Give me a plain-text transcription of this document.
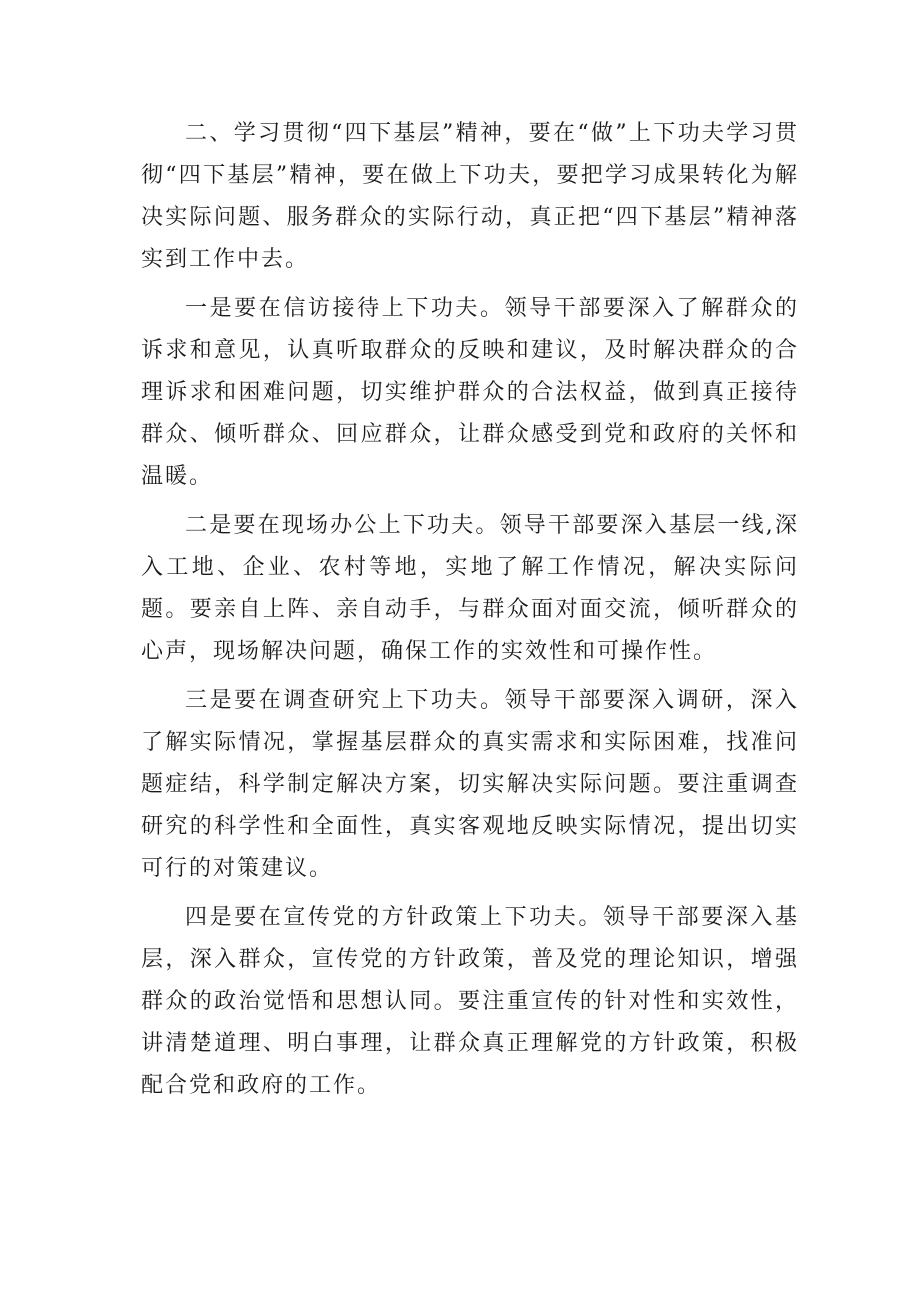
二、学习贯彻“四下基层”精神，要在“做”上下功夫学习贯彻“四下基层”精神，要在做上下功夫，要把学习成果转化为解决实际问题、服务群众的实际行动，真正把“四下基层”精神落实到工作中去。

一是要在信访接待上下功夫。领导干部要深入了解群众的诉求和意见，认真听取群众的反映和建议，及时解决群众的合理诉求和困难问题，切实维护群众的合法权益，做到真正接待群众、倾听群众、回应群众，让群众感受到党和政府的关怀和温暖。

二是要在现场办公上下功夫。领导干部要深入基层一线,深入工地、企业、农村等地，实地了解工作情况，解决实际问题。要亲自上阵、亲自动手，与群众面对面交流，倾听群众的心声，现场解决问题，确保工作的实效性和可操作性。

三是要在调查研究上下功夫。领导干部要深入调研，深入了解实际情况，掌握基层群众的真实需求和实际困难，找准问题症结，科学制定解决方案，切实解决实际问题。要注重调查研究的科学性和全面性，真实客观地反映实际情况，提出切实可行的对策建议。

四是要在宣传党的方针政策上下功夫。领导干部要深入基层，深入群众，宣传党的方针政策，普及党的理论知识，增强群众的政治觉悟和思想认同。要注重宣传的针对性和实效性，讲清楚道理、明白事理，让群众真正理解党的方针政策，积极配合党和政府的工作。
